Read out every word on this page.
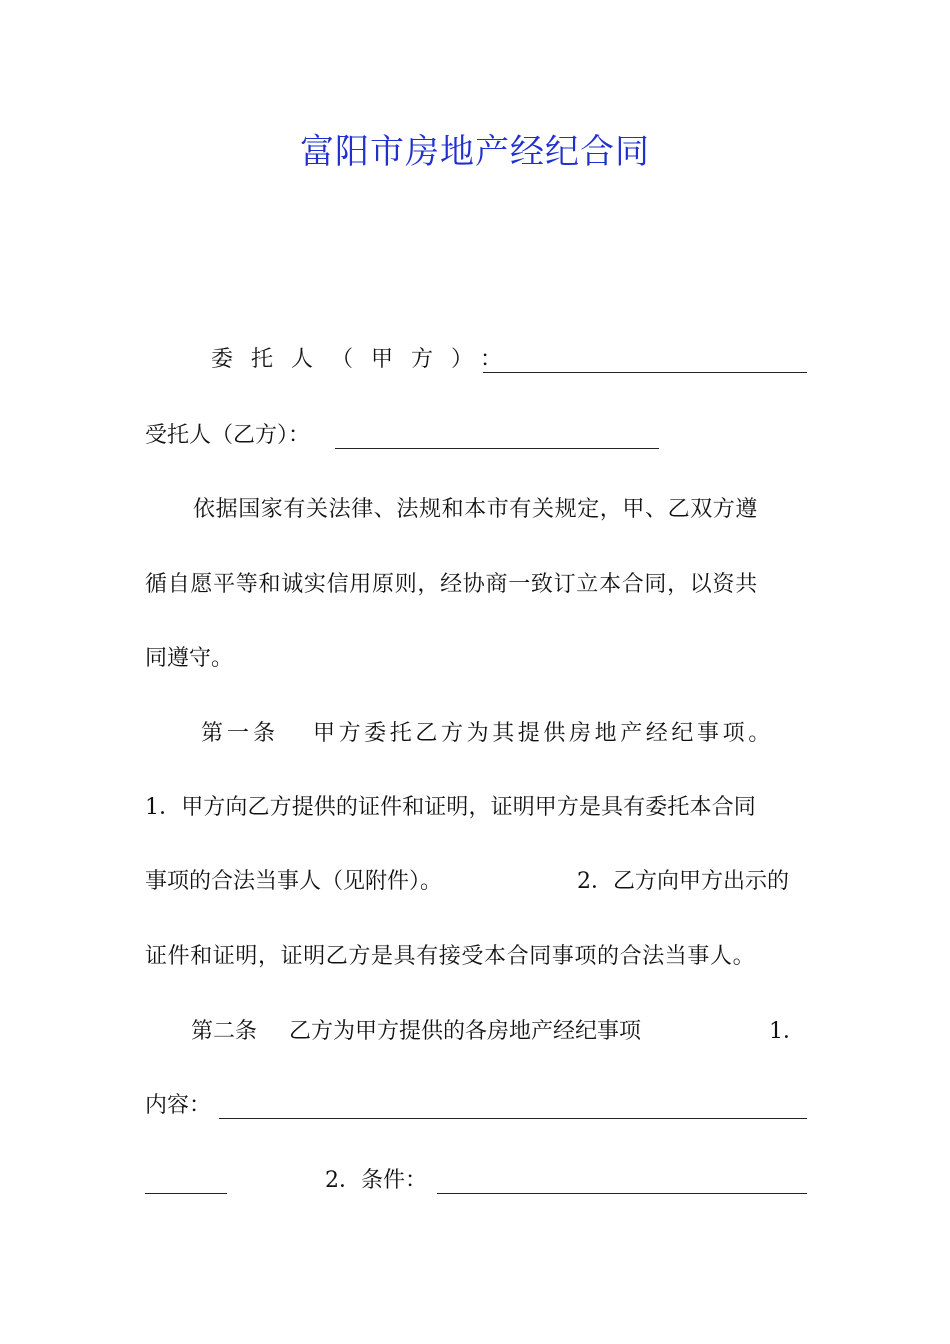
富阳市房地产经纪合同
委托人（甲方）：
受托人（乙方）：
依据国家有关法律、法规和本市有关规定，甲、乙双方遵
循自愿平等和诚实信用原则，经协商一致订立本合同，以资共
同遵守。
第一条 甲方委托乙方为其提供房地产经纪事项。
1．甲方向乙方提供的证件和证明，证明甲方是具有委托本合同
事项的合法当事人（见附件）。	2．乙方向甲方出示的
证件和证明，证明乙方是具有接受本合同事项的合法当事人。
第二条 乙方为甲方提供的各房地产经纪事项	1．
内容：
2．条件：
